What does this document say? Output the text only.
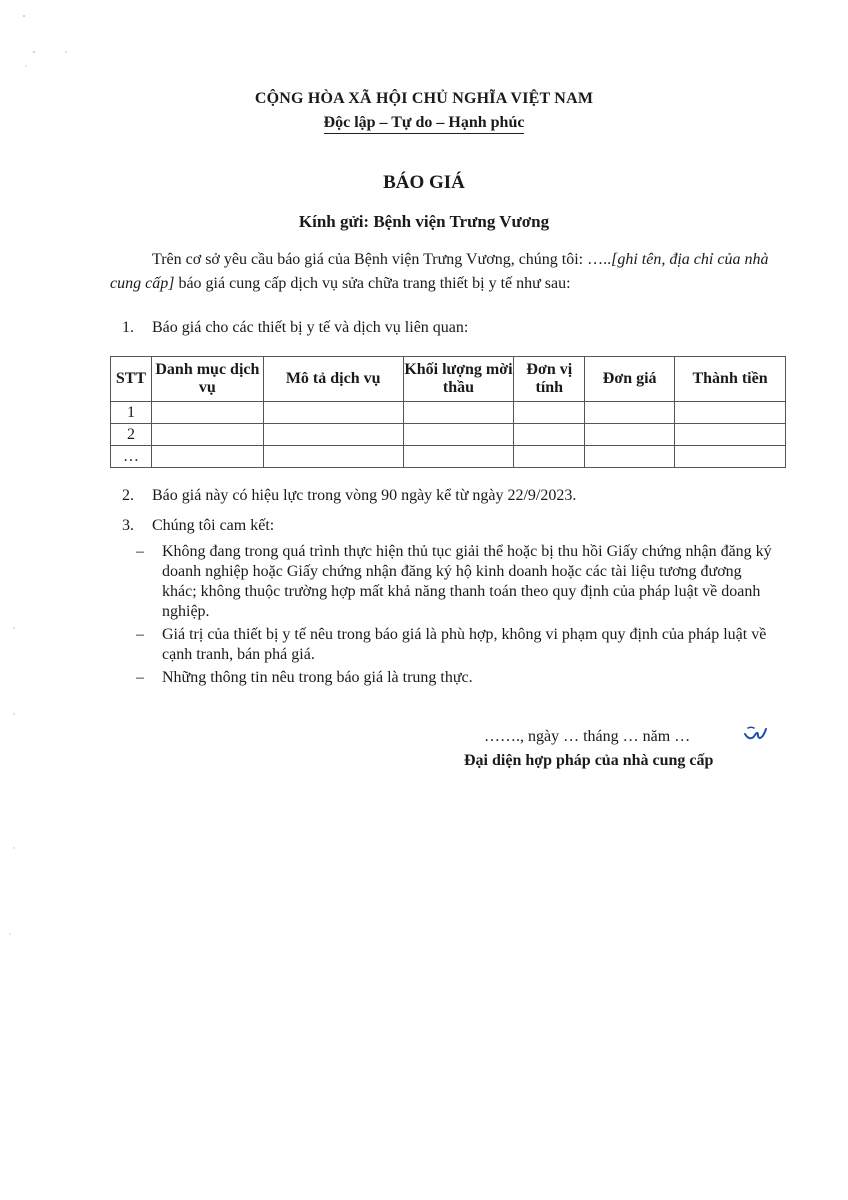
CỘNG HÒA XÃ HỘI CHỦ NGHĨA VIỆT NAM
Độc lập – Tự do – Hạnh phúc
BÁO GIÁ
Kính gửi: Bệnh viện Trưng Vương
Trên cơ sở yêu cầu báo giá của Bệnh viện Trưng Vương, chúng tôi: …..[ghi tên, địa chỉ của nhà cung cấp] báo giá cung cấp dịch vụ sửa chữa trang thiết bị y tế như sau:
1. Báo giá cho các thiết bị y tế và dịch vụ liên quan:
STT	Danh mục dịch vụ	Mô tả dịch vụ	Khối lượng mời thầu	Đơn vị tính	Đơn giá	Thành tiền
1						
2						
…						
2. Báo giá này có hiệu lực trong vòng 90 ngày kể từ ngày 22/9/2023.
3. Chúng tôi cam kết:
– Không đang trong quá trình thực hiện thủ tục giải thể hoặc bị thu hồi Giấy chứng nhận đăng ký doanh nghiệp hoặc Giấy chứng nhận đăng ký hộ kinh doanh hoặc các tài liệu tương đương khác; không thuộc trường hợp mất khả năng thanh toán theo quy định của pháp luật về doanh nghiệp.
– Giá trị của thiết bị y tế nêu trong báo giá là phù hợp, không vi phạm quy định của pháp luật về cạnh tranh, bán phá giá.
– Những thông tin nêu trong báo giá là trung thực.
……., ngày … tháng … năm …
Đại diện hợp pháp của nhà cung cấp
